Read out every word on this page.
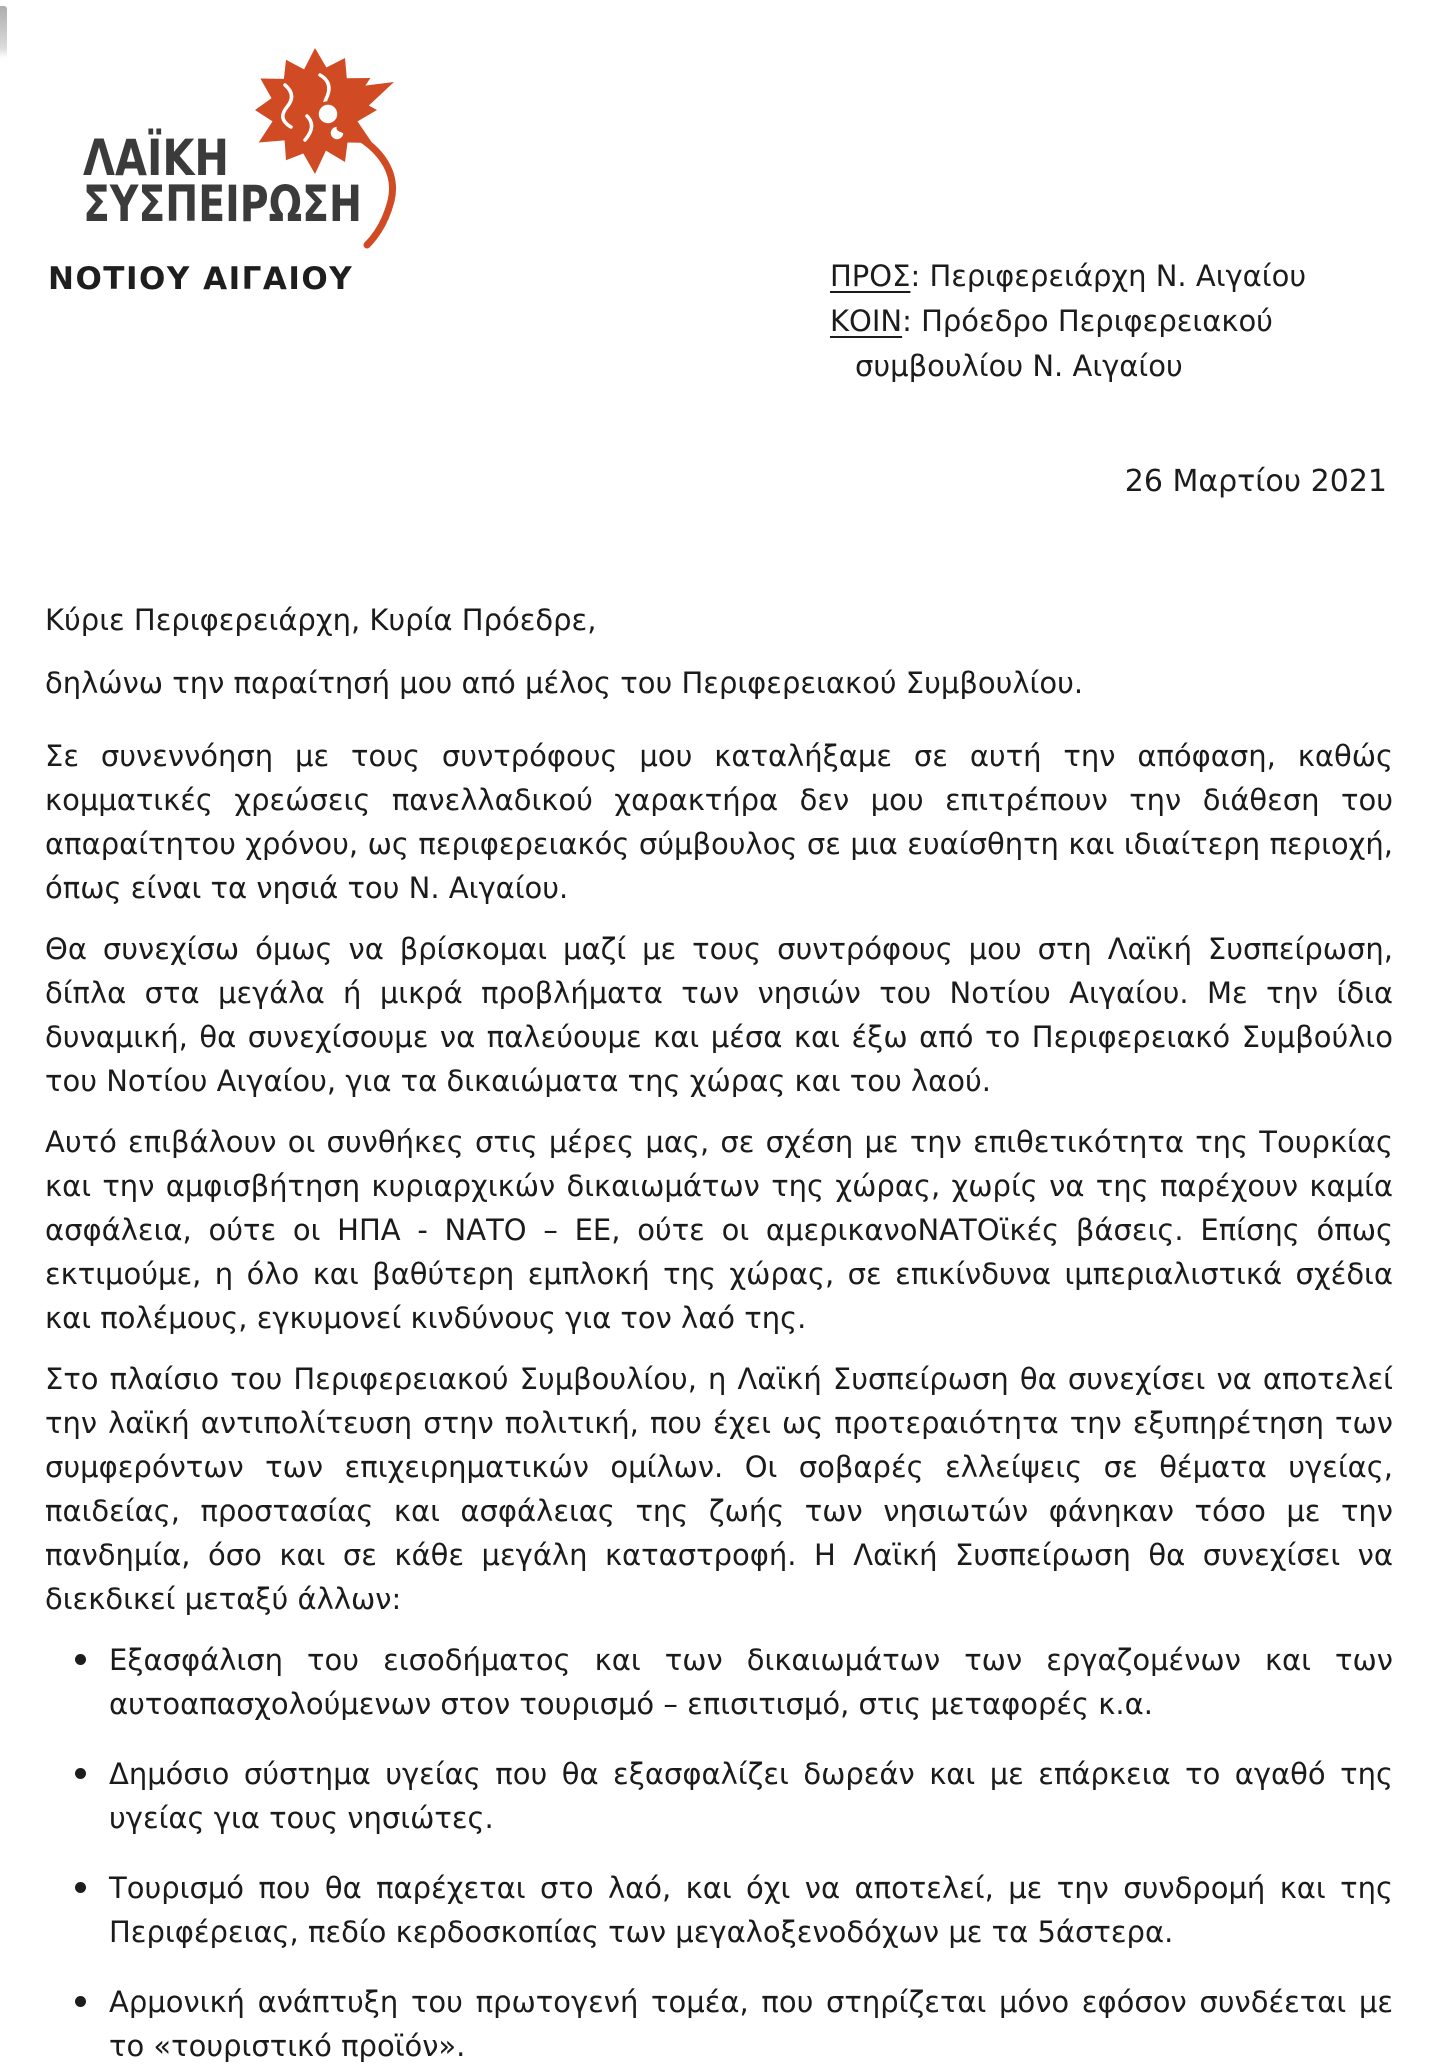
ΛΑΪΚΗ
ΣΥΣΠΕΙΡΩΣΗ
ΝΟΤΙΟΥ ΑΙΓΑΙΟΥ	ΠΡΟΣ: Περιφερειάρχη Ν. Αιγαίου
ΚΟΙΝ: Πρόεδρο Περιφερειακού
συμβουλίου Ν. Αιγαίου
26 Μαρτίου 2021

Κύριε Περιφερειάρχη, Κυρία Πρόεδρε,

δηλώνω την παραίτησή μου από μέλος του Περιφερειακού Συμβουλίου.

Σε συνεννόηση με τους συντρόφους μου καταλήξαμε σε αυτή την απόφαση, καθώς κομματικές χρεώσεις πανελλαδικού χαρακτήρα δεν μου επιτρέπουν την διάθεση του απαραίτητου χρόνου, ως περιφερειακός σύμβουλος σε μια ευαίσθητη και ιδιαίτερη περιοχή, όπως είναι τα νησιά του Ν. Αιγαίου.

Θα συνεχίσω όμως να βρίσκομαι μαζί με τους συντρόφους μου στη Λαϊκή Συσπείρωση, δίπλα στα μεγάλα ή μικρά προβλήματα των νησιών του Νοτίου Αιγαίου. Με την ίδια δυναμική, θα συνεχίσουμε να παλεύουμε και μέσα και έξω από το Περιφερειακό Συμβούλιο του Νοτίου Αιγαίου, για τα δικαιώματα της χώρας και του λαού.

Αυτό επιβάλουν οι συνθήκες στις μέρες μας, σε σχέση με την επιθετικότητα της Τουρκίας και την αμφισβήτηση κυριαρχικών δικαιωμάτων της χώρας, χωρίς να της παρέχουν καμία ασφάλεια, ούτε οι ΗΠΑ - ΝΑΤΟ – ΕΕ, ούτε οι αμερικανοΝΑΤΟϊκές βάσεις. Επίσης όπως εκτιμούμε, η όλο και βαθύτερη εμπλοκή της χώρας, σε επικίνδυνα ιμπεριαλιστικά σχέδια και πολέμους, εγκυμονεί κινδύνους για τον λαό της.

Στο πλαίσιο του Περιφερειακού Συμβουλίου, η Λαϊκή Συσπείρωση θα συνεχίσει να αποτελεί την λαϊκή αντιπολίτευση στην πολιτική, που έχει ως προτεραιότητα την εξυπηρέτηση των συμφερόντων των επιχειρηματικών ομίλων. Οι σοβαρές ελλείψεις σε θέματα υγείας, παιδείας, προστασίας και ασφάλειας της ζωής των νησιωτών φάνηκαν τόσο με την πανδημία, όσο και σε κάθε μεγάλη καταστροφή. Η Λαϊκή Συσπείρωση θα συνεχίσει να διεκδικεί μεταξύ άλλων:

Εξασφάλιση του εισοδήματος και των δικαιωμάτων των εργαζομένων και των αυτοαπασχολούμενων στον τουρισμό – επισιτισμό, στις μεταφορές κ.α.
Δημόσιο σύστημα υγείας που θα εξασφαλίζει δωρεάν και με επάρκεια το αγαθό της υγείας για τους νησιώτες.
Τουρισμό που θα παρέχεται στο λαό, και όχι να αποτελεί, με την συνδρομή και της Περιφέρειας, πεδίο κερδοσκοπίας των μεγαλοξενοδόχων με τα 5άστερα.
Αρμονική ανάπτυξη του πρωτογενή τομέα, που στηρίζεται μόνο εφόσον συνδέεται με το «τουριστικό προϊόν».
